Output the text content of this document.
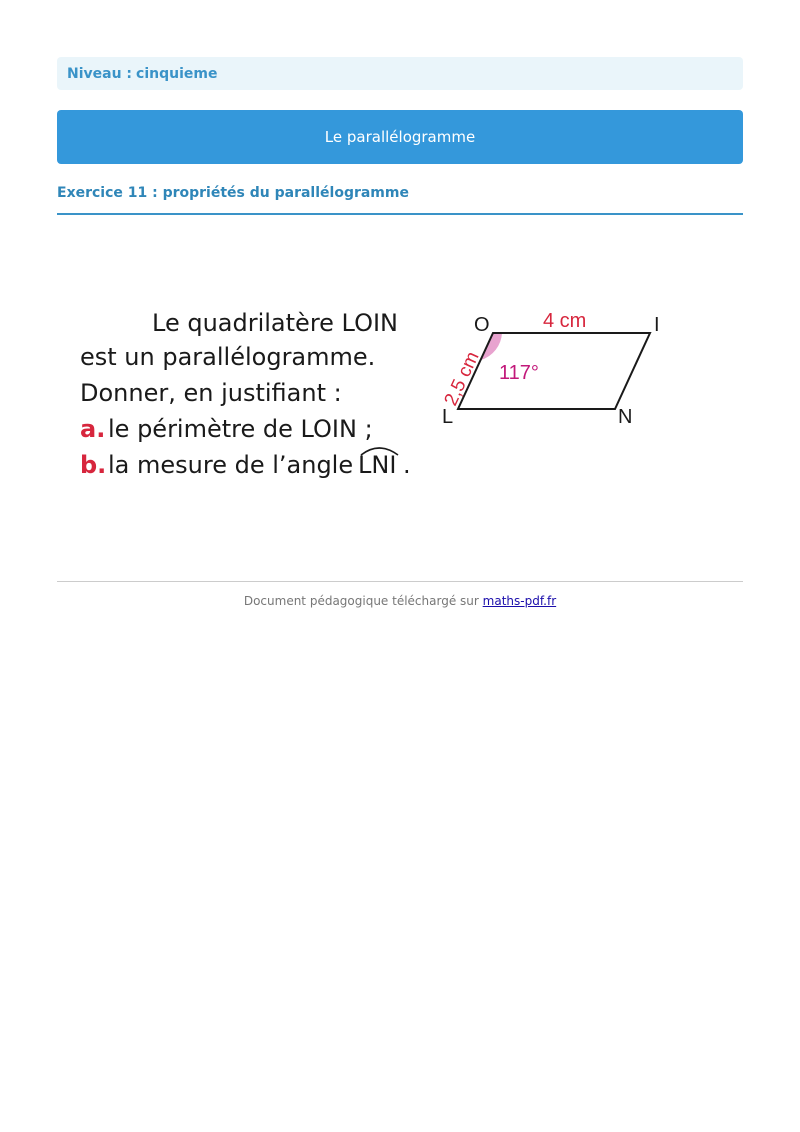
Niveau : cinquieme
Le parallélogramme
Exercice 11 : propriétés du parallélogramme
Le quadrilatère LOIN
est un parallélogramme.
Donner, en justifiant :
a. le périmètre de LOIN ;
b. la mesure de l’angle LNI .
O	I
L	N
4 cm
2,5 cm 117°
Document pédagogique téléchargé sur maths-pdf.fr
